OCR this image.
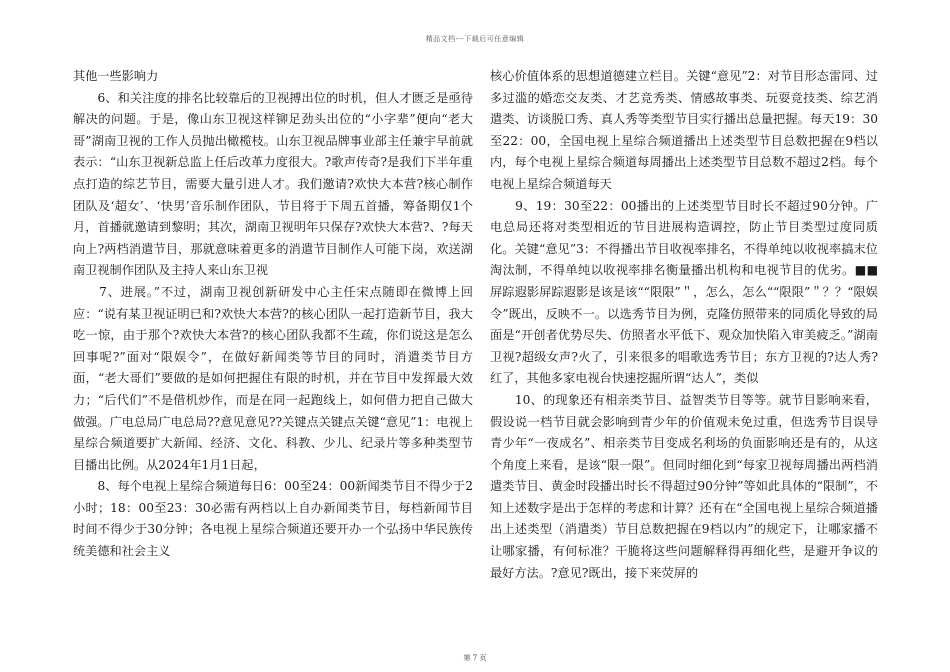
精品文档---下载后可任意编辑

其他一些影响力

　　6、和关注度的排名比较靠后的卫视搏出位的时机，但人才匮乏是亟待解决的问题。于是，像山东卫视这样铆足劲头出位的“小字辈”便向“老大哥”湖南卫视的工作人员抛出橄榄枝。山东卫视品牌事业部主任兼宇早前就表示：“山东卫视新总监上任后改革力度很大。?歌声传奇?是我们下半年重点打造的综艺节目，需要大量引进人才。我们邀请?欢快大本营?核心制作团队及‘超女’、‘快男’音乐制作团队，节目将于下周五首播，筹备期仅1个月，首播就邀请到黎明；其次，湖南卫视明年只保存?欢快大本营?、?每天向上?两档消遣节目，那就意味着更多的消遣节目制作人可能下岗，欢送湖南卫视制作团队及主持人来山东卫视

　　7、进展。”不过，湖南卫视创新研发中心主任宋点随即在微博上回应：“说有某卫视证明已和?欢快大本营?的核心团队一起打造新节目，我大吃一惊，由于那个?欢快大本营?的核心团队我都不生疏，你们说这是怎么回事呢?”面对“限娱令”，在做好新闻类等节目的同时，消遣类节目方面，“老大哥们”要做的是如何把握住有限的时机，并在节目中发挥最大效力；“后代们”不是借机炒作，而是在同一起跑线上，如何借力把自己做大做强。广电总局广电总局??意见意见??关键点关键点关键“意见”1：电视上星综合频道要扩大新闻、经济、文化、科教、少儿、纪录片等多种类型节目播出比例。从2024年1月1日起，

　　8、每个电视上星综合频道每日6：00至24：00新闻类节目不得少于2小时；18：00至23：30必需有两档以上自办新闻类节目，每档新闻节目时间不得少于30分钟；各电视上星综合频道还要开办一个弘扬中华民族传统美德和社会主义

核心价值体系的思想道德建立栏目。关键“意见”2：对节目形态雷同、过多过滥的婚恋交友类、才艺竞秀类、情感故事类、玩耍竞技类、综艺消遣类、访谈脱口秀、真人秀等类型节目实行播出总量把握。每天19：30至22：00，全国电视上星综合频道播出上述类型节目总数把握在9档以内，每个电视上星综合频道每周播出上述类型节目总数不超过2档。每个电视上星综合频道每天

　　9、19：30至22：00播出的上述类型节目时长不超过90分钟。广电总局还将对类型相近的节目进展构造调控，防止节目类型过度同质化。关键“意见”3：不得播出节目收视率排名，不得单纯以收视率搞末位淘汰制，不得单纯以收视率排名衡量播出机构和电视节目的优劣。■■屏踪遐影屏踪遐影是该是该““限限”＂，怎么，怎么““限限”＂？？“限娱令”既出，反映不一。以选秀节目为例，克隆仿照带来的同质化导致的局面是“开创者优势尽失、仿照者水平低下、观众加快陷入审美疲乏。”湖南卫视?超级女声?火了，引来很多的唱歌选秀节目；东方卫视的?达人秀?红了，其他多家电视台快速挖掘所谓“达人”，类似

　　10、的现象还有相亲类节目、益智类节目等等。就节目影响来看，假设说一档节目就会影响到青少年的价值观未免过重，但选秀节目误导青少年“一夜成名”、相亲类节目变成名利场的负面影响还是有的，从这个角度上来看，是该“限一限”。但同时细化到“每家卫视每周播出两档消遣类节目、黄金时段播出时长不得超过90分钟”等如此具体的“限制”，不知上述数字是出于怎样的考虑和计算？还有在“全国电视上星综合频道播出上述类型（消遣类）节目总数把握在9档以内”的规定下，让哪家播不让哪家播，有何标准？干脆将这些问题解释得再细化些，是避开争议的最好方法。?意见?既出，接下来荧屏的

第 7 页
